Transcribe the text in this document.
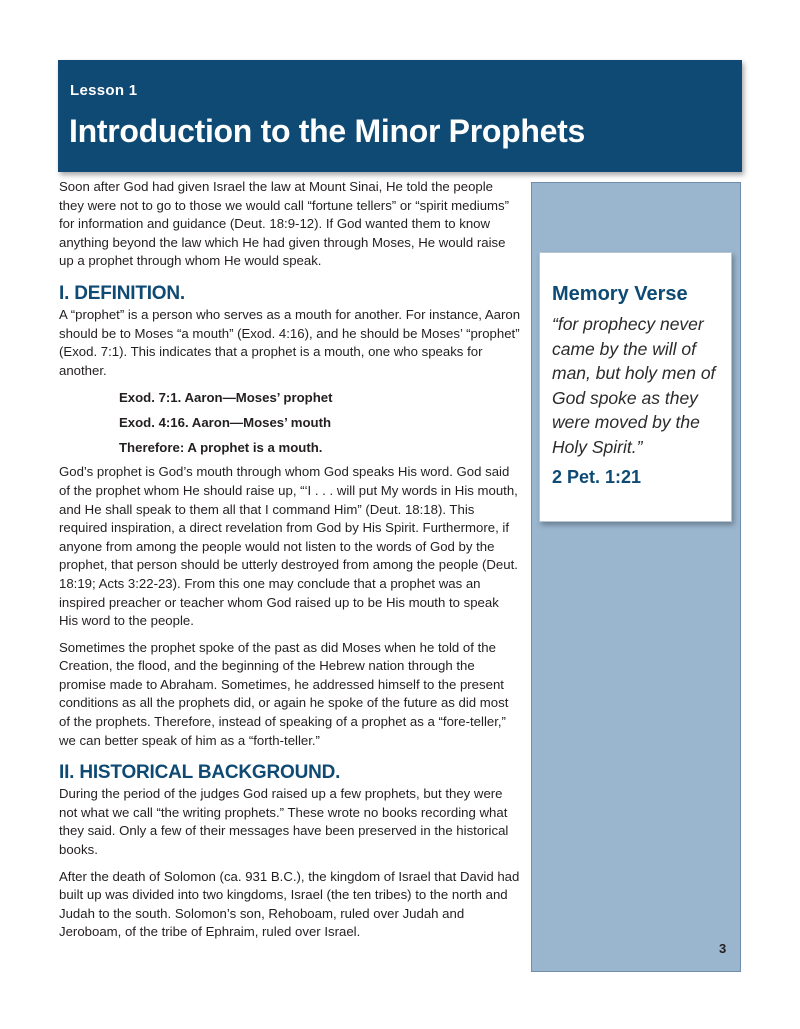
Lesson 1
Introduction to the Minor Prophets
Memory Verse

“for prophecy never came by the will of man, but holy men of God spoke as they were moved by the Holy Spirit.”

2 Pet. 1:21

Soon after God had given Israel the law at Mount Sinai, He told the people they were not to go to those we would call “fortune tellers” or “spirit mediums” for information and guidance (Deut. 18:9-12). If God wanted them to know anything beyond the law which He had given through Moses, He would raise up a prophet through whom He would speak.

I. DEFINITION.

A “prophet” is a person who serves as a mouth for another. For instance, Aaron should be to Moses “a mouth” (Exod. 4:16), and he should be Moses’ “prophet” (Exod. 7:1). This indicates that a prophet is a mouth, one who speaks for another.

Exod. 7:1. Aaron—Moses’ prophet
Exod. 4:16. Aaron—Moses’ mouth
Therefore: A prophet is a mouth.

God’s prophet is God’s mouth through whom God speaks His word. God said of the prophet whom He should raise up, “‘I . . . will put My words in His mouth, and He shall speak to them all that I command Him” (Deut. 18:18). This required inspiration, a direct revelation from God by His Spirit. Furthermore, if anyone from among the people would not listen to the words of God by the prophet, that person should be utterly destroyed from among the people (Deut. 18:19; Acts 3:22-23). From this one may conclude that a prophet was an inspired preacher or teacher whom God raised up to be His mouth to speak His word to the people.

Sometimes the prophet spoke of the past as did Moses when he told of the Creation, the flood, and the beginning of the Hebrew nation through the promise made to Abraham. Sometimes, he addressed himself to the present conditions as all the prophets did, or again he spoke of the future as did most of the prophets. Therefore, instead of speaking of a prophet as a “fore-teller,” we can better speak of him as a “forth-teller.”

II. HISTORICAL BACKGROUND.

During the period of the judges God raised up a few prophets, but they were not what we call “the writing prophets.” These wrote no books recording what they said. Only a few of their messages have been preserved in the historical books.

After the death of Solomon (ca. 931 B.C.), the kingdom of Israel that David had built up was divided into two kingdoms, Israel (the ten tribes) to the north and Judah to the south. Solomon’s son, Rehoboam, ruled over Judah and Jeroboam, of the tribe of Ephraim, ruled over Israel.

3
